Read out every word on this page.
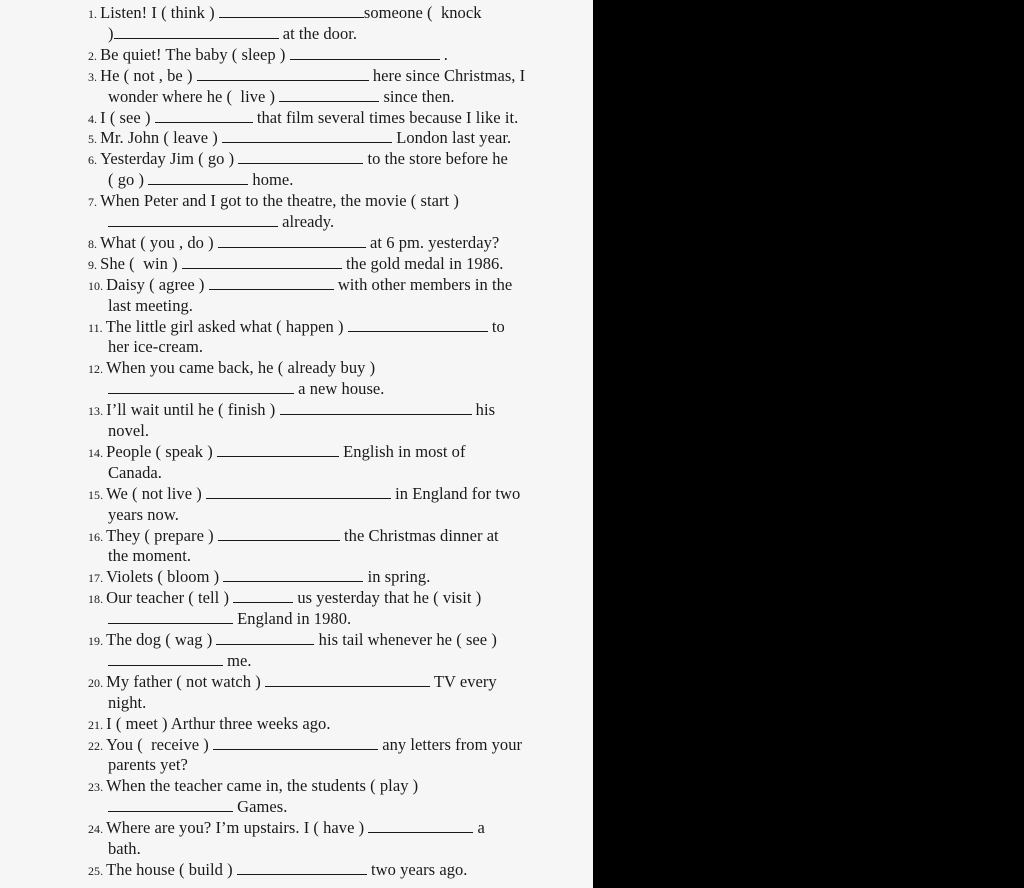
1. Listen! I ( think )	someone (  knock
)	at the door.
2. Be quiet! The baby ( sleep )	.
3. He ( not , be )	here since Christmas, I
wonder where he (  live )	since then.
4. I ( see )	that film several times because I like it.
5. Mr. John ( leave )	London last year.
6. Yesterday Jim ( go )	to the store before he
( go )	home.
7. When Peter and I got to the theatre, the movie ( start )
already.
8. What ( you , do )	at 6 pm. yesterday?
9. She (  win )	the gold medal in 1986.
10. Daisy ( agree )	with other members in the
last meeting.
11. The little girl asked what ( happen )	to
her ice-cream.
12. When you came back, he ( already buy )
a new house.
13. I’ll wait until he ( finish )	his
novel.
14. People ( speak )	English in most of
Canada.
15. We ( not live )	in England for two
years now.
16. They ( prepare )	the Christmas dinner at
the moment.
17. Violets ( bloom )	in spring.
18. Our teacher ( tell )	us yesterday that he ( visit )
England in 1980.
19. The dog ( wag )	his tail whenever he ( see )
me.
20. My father ( not watch )	TV every
night.
21. I ( meet ) Arthur three weeks ago.
22. You (  receive )	any letters from your
parents yet?
23. When the teacher came in, the students ( play )
Games.
24. Where are you? I’m upstairs. I ( have )	a
bath.
25. The house ( build )	two years ago.
